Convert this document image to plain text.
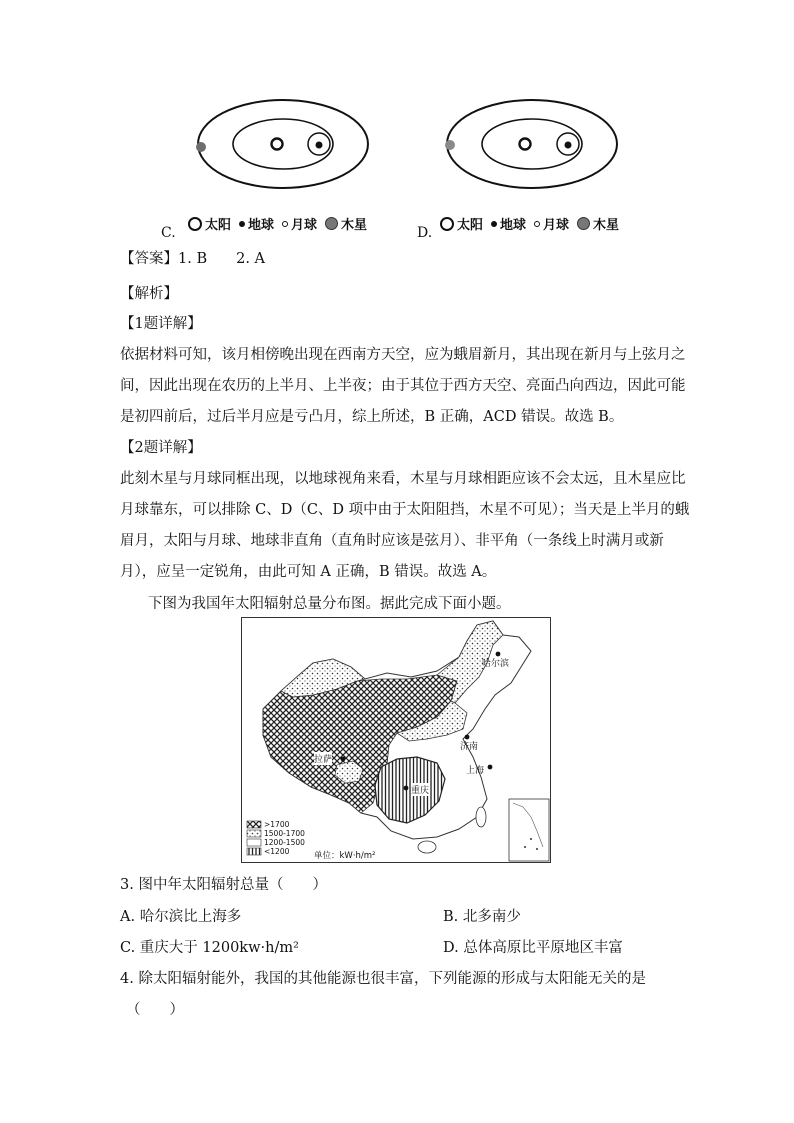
C. 太阳 地球 月球 木星	D. 太阳 地球 月球 木星
【答案】1. B　　2. A
【解析】
【1题详解】
依据材料可知，该月相傍晚出现在西南方天空，应为蛾眉新月，其出现在新月与上弦月之
间，因此出现在农历的上半月、上半夜；由于其位于西方天空、亮面凸向西边，因此可能
是初四前后，过后半月应是亏凸月，综上所述，B 正确，ACD 错误。故选 B。
【2题详解】
此刻木星与月球同框出现，以地球视角来看，木星与月球相距应该不会太远，且木星应比
月球靠东，可以排除 C、D（C、D 项中由于太阳阻挡，木星不可见）；当天是上半月的蛾
眉月，太阳与月球、地球非直角（直角时应该是弦月）、非平角（一条线上时满月或新
月），应呈一定锐角，由此可知 A 正确，B 错误。故选 A。
下图为我国年太阳辐射总量分布图。据此完成下面小题。
哈尔滨
济南
上海
拉萨
重庆
>1700
1500-1700
1200-1500
<1200	单位：kW·h/m²
3. 图中年太阳辐射总量（　　）
A. 哈尔滨比上海多	B. 北多南少
C. 重庆大于 1200kw·h/m²	D. 总体高原比平原地区丰富
4. 除太阳辐射能外，我国的其他能源也很丰富，下列能源的形成与太阳能无关的是
（　　）
